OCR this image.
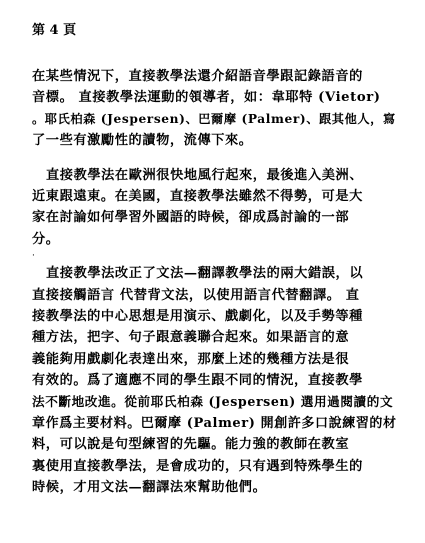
第 4 頁
在某些情況下，直接教學法還介紹語音學跟記錄語音的
音標。 直接教學法運動的領導者，如：韋耶特 (Vietor)
。耶氏柏森 (Jespersen)、巴爾摩 (Palmer)、跟其他人，寫
了一些有激勵性的讀物，流傳下來。
直接教學法在歐洲很快地風行起來，最後進入美洲、
近東跟遠東。在美國，直接教學法雖然不得勢，可是大
家在討論如何學習外國語的時候，卻成爲討論的一部
分。
·
直接教學法改正了文法—翻譯教學法的兩大錯誤，以
直接接觸語言 代替背文法，以使用語言代替翻譯。 直
接教學法的中心思想是用演示、戲劇化，以及手勢等種
種方法，把字、句子跟意義聯合起來。如果語言的意
義能夠用戲劇化表達出來，那麼上述的幾種方法是很
有效的。爲了適應不同的學生跟不同的情況，直接教學
法不斷地改進。從前耶氏柏森 (Jespersen) 選用過閱讀的文
章作爲主要材料。巴爾摩 (Palmer) 開創許多口說練習的材
料，可以說是句型練習的先驅。能力強的教師在教室
裏使用直接教學法，是會成功的，只有遇到特殊學生的
時候，才用文法—翻譯法來幫助他們。
